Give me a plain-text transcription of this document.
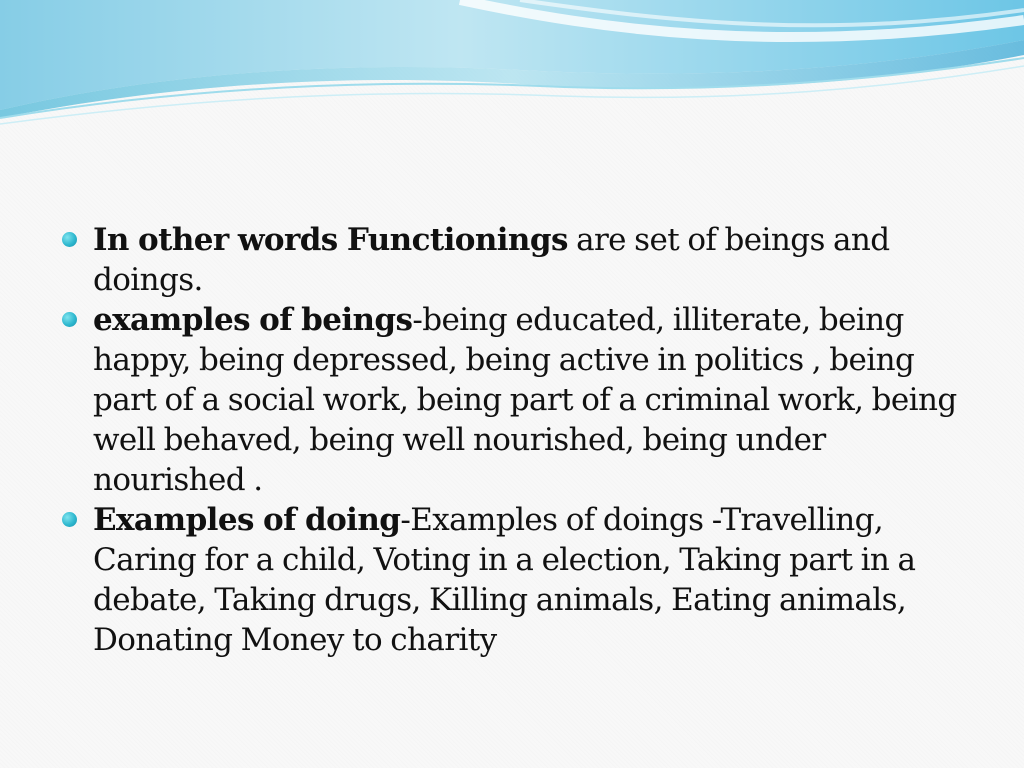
In other words Functionings are set of beings and doings.
examples of beings-being educated, illiterate, being happy, being depressed, being active in politics , being part of a social work, being part of a criminal work, being well behaved, being well nourished, being under nourished .
Examples of doing-Examples of doings -Travelling, Caring for a child, Voting in a election, Taking part in a debate, Taking drugs, Killing animals, Eating animals, Donating Money to charity
